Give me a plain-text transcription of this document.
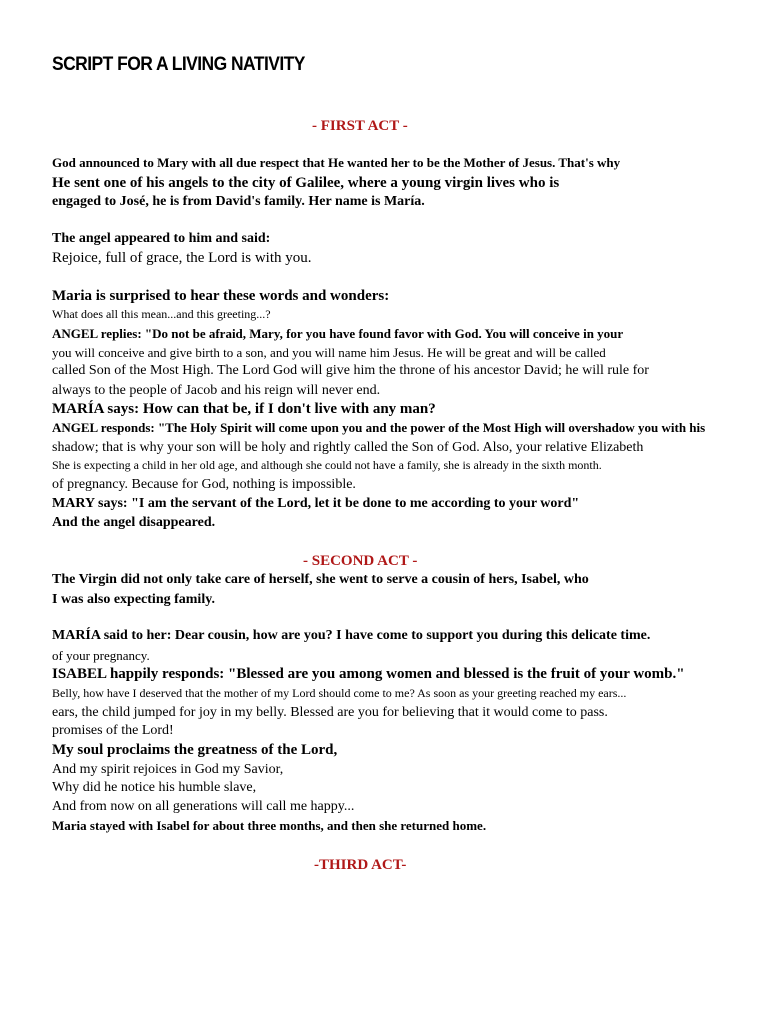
SCRIPT FOR A LIVING NATIVITY
- FIRST ACT -
God announced to Mary with all due respect that He wanted her to be the Mother of Jesus. That's why
He sent one of his angels to the city of Galilee, where a young virgin lives who is
engaged to José, he is from David's family. Her name is María.
The angel appeared to him and said:
Rejoice, full of grace, the Lord is with you.
Maria is surprised to hear these words and wonders:
What does all this mean...and this greeting...?
ANGEL replies: "Do not be afraid, Mary, for you have found favor with God. You will conceive in your
you will conceive and give birth to a son, and you will name him Jesus. He will be great and will be called
called Son of the Most High. The Lord God will give him the throne of his ancestor David; he will rule for
always to the people of Jacob and his reign will never end.
MARÍA says: How can that be, if I don't live with any man?
ANGEL responds: "The Holy Spirit will come upon you and the power of the Most High will overshadow you with his
shadow; that is why your son will be holy and rightly called the Son of God. Also, your relative Elizabeth
She is expecting a child in her old age, and although she could not have a family, she is already in the sixth month.
of pregnancy. Because for God, nothing is impossible.
MARY says: "I am the servant of the Lord, let it be done to me according to your word"
And the angel disappeared.
- SECOND ACT -
The Virgin did not only take care of herself, she went to serve a cousin of hers, Isabel, who
I was also expecting family.
MARÍA said to her: Dear cousin, how are you? I have come to support you during this delicate time.
of your pregnancy.
ISABEL happily responds: "Blessed are you among women and blessed is the fruit of your womb."
Belly, how have I deserved that the mother of my Lord should come to me? As soon as your greeting reached my ears...
ears, the child jumped for joy in my belly. Blessed are you for believing that it would come to pass.
promises of the Lord!
My soul proclaims the greatness of the Lord,
And my spirit rejoices in God my Savior,
Why did he notice his humble slave,
And from now on all generations will call me happy...
Maria stayed with Isabel for about three months, and then she returned home.
-THIRD ACT-
